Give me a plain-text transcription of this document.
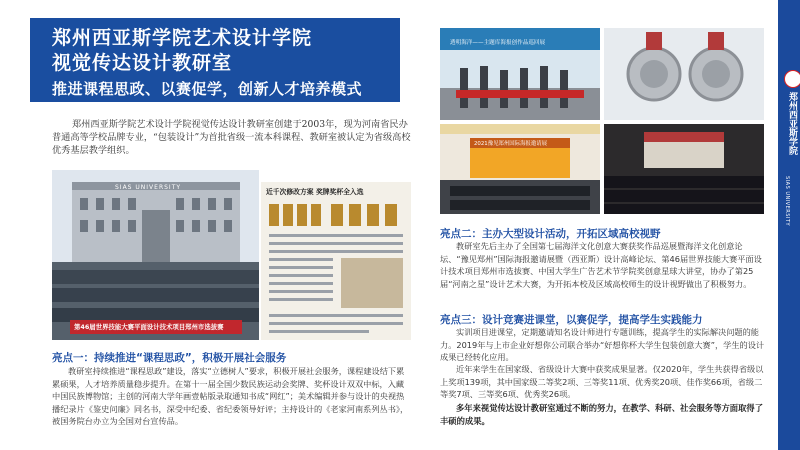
郑州西亚斯学院艺术设计学院
视觉传达设计教研室
推进课程思政、以赛促学，创新人才培养模式

郑州西亚斯学院艺术设计学院视觉传达设计教研室创建于2003年，现为河南省民办普通高等学校品牌专业，“包装设计”为首批省级一流本科课程、教研室被认定为省级高校优秀基层教学组织。

SIAS UNIVERSITY
第46届世界技能大赛平面设计技术项目郑州市选拔赛
近千次修改方案 奖牌奖杯全入选
亮点一：持续推进“课程思政”，积极开展社会服务

教研室持续推进“课程思政”建设，落实“立德树人”要求，积极开展社会服务，课程建设结下累累硕果，人才培养质量稳步提升。在第十一届全国少数民族运动会奖牌、奖杯设计双双中标，入藏中国民族博物馆；主创的河南大学年画壹帖版录取通知书成“网红”；美术编辑并参与设计的央视热播纪录片《鉴史问廉》同名书，深受中纪委、省纪委领导好评；主持设计的《老家河南系列丛书》，被国务院台办立为全国对台宣传品。

透明海洋——主题库海报创作品巡回展
2021豫见郑州国际海报邀请展
亮点二：主办大型设计活动，开拓区域高校视野

教研室先后主办了全国第七届海洋文化创意大赛获奖作品巡展暨海洋文化创意论坛、“豫见郑州”国际海报邀请展暨（西亚斯）设计高峰论坛、第46届世界技能大赛平面设计技术项目郑州市选拔赛、中国大学生广告艺术节学院奖创意星球大讲堂，协办了第25届“河南之星”设计艺术大赛，为开拓本校及区域高校师生的设计视野做出了积极努力。

亮点三：设计竞赛进课堂，以赛促学，提高学生实践能力

实训项目进课堂，定期邀请知名设计师进行专题训练，提高学生的实际解决问题的能力。2019年与上市企业好想你公司联合举办“好想你杯大学生包装创意大赛”，学生的设计成果已经转化应用。

近年来学生在国家级、省级设计大赛中获奖成果显著。仅2020年，学生共获得省级以上奖项139项，其中国家级二等奖2项、三等奖11项、优秀奖20项、佳作奖66项，省级二等奖7项、三等奖6项、优秀奖26项。

多年来视觉传达设计教研室通过不断的努力，在教学、科研、社会服务等方面取得了丰硕的成果。

郑州西亚斯学院
SIAS UNIVERSITY
